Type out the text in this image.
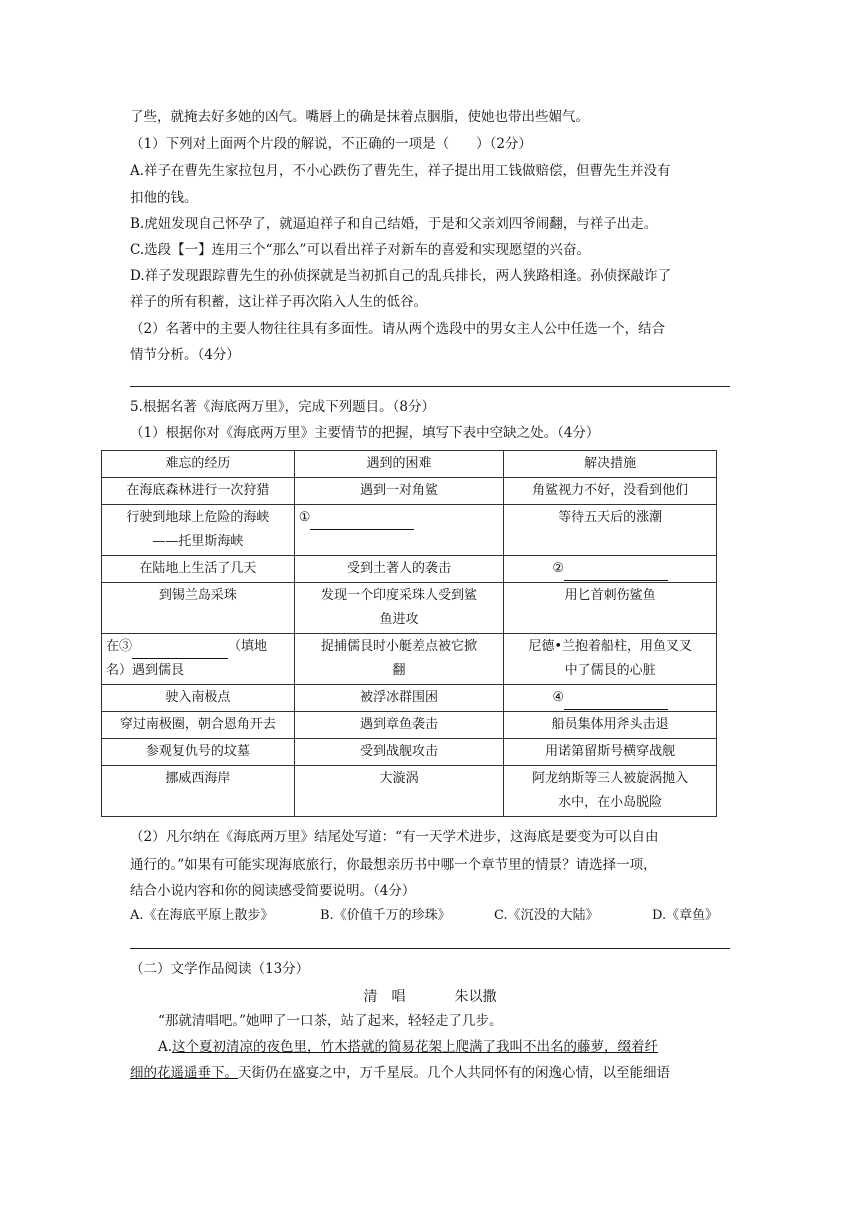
了些，就掩去好多她的凶气。嘴唇上的确是抹着点胭脂，使她也带出些媚气。
（1）下列对上面两个片段的解说，不正确的一项是（　　）（2分）
A.祥子在曹先生家拉包月，不小心跌伤了曹先生，祥子提出用工钱做赔偿，但曹先生并没有
扣他的钱。
B.虎妞发现自己怀孕了，就逼迫祥子和自己结婚，于是和父亲刘四爷闹翻，与祥子出走。
C.选段【一】连用三个“那么”可以看出祥子对新车的喜爱和实现愿望的兴奋。
D.祥子发现跟踪曹先生的孙侦探就是当初抓自己的乱兵排长，两人狭路相逢。孙侦探敲诈了
祥子的所有积蓄，这让祥子再次陷入人生的低谷。
（2）名著中的主要人物往往具有多面性。请从两个选段中的男女主人公中任选一个，结合
情节分析。（4分）
5.根据名著《海底两万里》，完成下列题目。（8分）
（1）根据你对《海底两万里》主要情节的把握，填写下表中空缺之处。（4分）
难忘的经历	遇到的困难	解决措施
在海底森林进行一次狩猎	遇到一对角鲨	角鲨视力不好，没看到他们
行驶到地球上危险的海峡
——托里斯海峡	①	等待五天后的涨潮
在陆地上生活了几天	受到土著人的袭击	②
到锡兰岛采珠	发现一个印度采珠人受到鲨
鱼进攻	用匕首刺伤鲨鱼
在③ （填地
名）遇到儒艮	捉捕儒艮时小艇差点被它掀
翻	尼德•兰抱着船柱，用鱼叉叉
中了儒艮的心脏
驶入南极点	被浮冰群围困	④
穿过南极圈，朝合恩角开去	遇到章鱼袭击	船员集体用斧头击退
参观复仇号的坟墓	受到战舰攻击	用诺第留斯号横穿战舰
挪威西海岸	大漩涡	阿龙纳斯等三人被旋涡抛入
水中，在小岛脱险
（2）凡尔纳在《海底两万里》结尾处写道：“有一天学术进步，这海底是要变为可以自由
通行的。”如果有可能实现海底旅行，你最想亲历书中哪一个章节里的情景？请选择一项，
结合小说内容和你的阅读感受简要说明。（4分）
A.《在海底平原上散步》	B.《价值千万的珍珠》	C.《沉没的大陆》	D.《章鱼》
（二）文学作品阅读（13分）
清　唱	朱以撒
“那就清唱吧。”她呷了一口茶，站了起来，轻轻走了几步。
A.这个夏初清凉的夜色里，竹木搭就的简易花架上爬满了我叫不出名的藤萝，缀着纤
细的花遥遥垂下。天街仍在盛宴之中，万千星辰。几个人共同怀有的闲逸心情，以至能细语
